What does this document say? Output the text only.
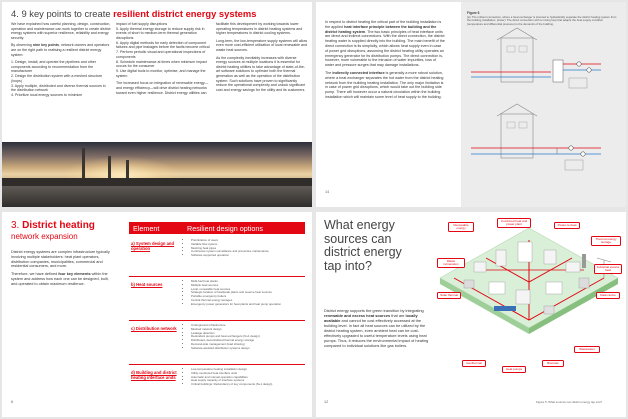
4. 9 key points to create resilient district energy systems

We have explained how careful planning, design, construction, operation and maintenance can work together to create district energy systems with superior resilience, reliability and energy security.

By observing nine key points, network owners and operators are on the right path to realising a resilient district energy system:

1. Design, install, and operate the pipelines and other components according to recommendation from the manufacturer
2. Design the distribution system with a meshed structure (loops)
3. Apply multiple, distributed and diverse thermal sources in the distribution network
4. Prioritize local energy sources to minimize

impact of fuel supply disruptions

5. Apply thermal energy storage to reduce supply risk in events of short to medium-term thermal generation disruptions
6. Apply digital methods for early detection of component failures and pipe leakages before the faults become critical
7. Perform periodic visual and operational inspections of components
8. Schedule maintenance at times when minimum impact occurs for the consumer
9. Use digital tools to monitor, optimise, and manage the system

The increased focus on integration of renewable energy—and energy efficiency—will drive district heating networks toward even higher resilience. District energy utilities can

facilitate this development by working towards lower operating temperatures in district heating systems and higher temperatures in district cooling systems.

Long-term, the low-temperature supply systems will allow even more cost-efficient utilization of local renewable and waste heat sources.

As the complexity inevitably increases with diverse energy sources at multiple locations it is essential for district heating utilities to take advantage of state-of-the-art software solutions to optimize both the thermal generation as well as the operation of the distribution system. Such solutions have proven to significantly reduce the operational complexity and unlock significant cost and energy savings for the utility and its customers.

In respect to district heating the critical part of the building installation is the applied heat interface principle between the building and the district heating system. The two basic principles of heat interface units are direct and indirect connections. With the direct connection, the district heating water is supplied directly into the building. The main benefit of the direct connection is its simplicity, which allows heat supply even in case of power grid disruptions, assuming the district heating utility operates an emergency generator for its distribution pumps. The direct connection is, however, more vulnerable to the intrusion of water impurities, loss of water and pressure surges that may damage installations.

The indirectly connected interface is generally a more robust solution, where a heat exchanger separates the hot water from the district heating network from the building heating installation. The only major limitation is in case of power grid disruptions, which would take out the building side pump. There will however occur a natural circulation within the building installation which will maintain some level of heat supply to the building.

14
Figure 6
(a): The indirect connection, where a heat exchanger is inserted to hydraulically separate the district heating system from the building installation. (lower): The direct connection with a mixing loop that adapts the heat supply condition (temperature and differential pressure) to the demands of the building.
3. District heating
network expansion

District energy systems are complex infrastructure typically involving multiple stakeholders: heat plant operators, distribution companies, municipalities, commercial and residential consumers, and more.

Therefore, we have defined four key elements within the system and address how each one can be designed, built, and operated to obtain maximum resilience.

6
Element	Resilient design options
a) System design and operation
• Prioritization of users
• Variable flow system
• Meshing heat pipes
• Continuous system surveillance and preventive maintenance
• Software supported operation
b) Heat sources
• Multi-fuel heat plants
• Multiple heat sources
• Local, renewable heat sources
• Strategic location of heat/peak plants and reserve heat sources
• Portable emergency boilers
• Central thermal energy storages
• Emergency power generators for heat plants and heat pump operation
c) Distribution network
• Underground infrastructure
• Meshed network design
• Leakage detection
• Redundant pumps and heat exchangers (N+1 design)
• Distributed, decentralized thermal energy storage
• Demand-side management (load shaving)
• Software-assisted distribution systems design
d) Building and district heating interface units
• Low-temperature heating installation design
• Utility-monitored heat interface units
• Automatic and manual operation capabilities
• Heat supply capacity of interface systems
• Critical buildings: Redundancy of key components (N+1 design)
What energy sources can district energy tap into?

District energy supports the green transition by integrating renewable and excess heat sources that are locally available and cannot be cost effectively accessed at the building level. In fact all heat sources can be utilized by the district heating system, even ambient heat can be cost-effectively upgraded to useful temperature levels using heat pumps. Thus, it reduces the environmental impact of heating compared to individual solutions like gas boilers.

12
Renewable energy
Combined heat and power plant	Power-to-heat
Thermal energy storage
Industrial excess heat
Data centre
Waste incineration
Solar thermal
Geothermal
Heat pumps
Biomass
Wastewater
Figure 5. What sources can district energy tap into?
